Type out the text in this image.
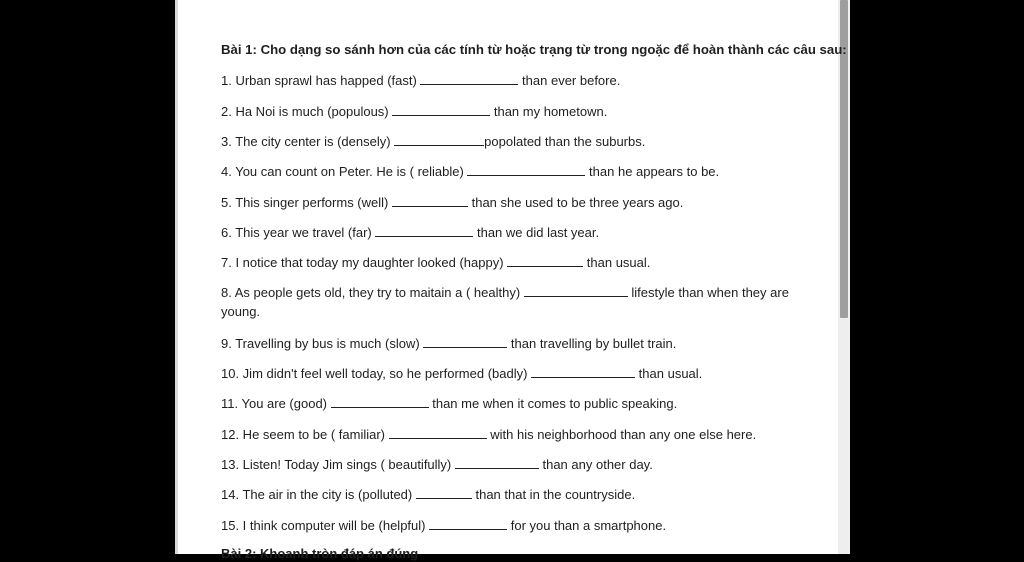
Bài 1: Cho dạng so sánh hơn của các tính từ hoặc trạng từ trong ngoặc để hoàn thành các câu sau:
1. Urban sprawl has happed (fast)	than ever before.
2. Ha Noi is much (populous)	than my hometown.
3. The city center is (densely)	popolated than the suburbs.
4. You can count on Peter. He is ( reliable)	than he appears to be.
5. This singer performs (well)	than she used to be three years ago.
6. This year we travel (far)	than we did last year.
7. I notice that today my daughter looked (happy)	than usual.
8. As people gets old, they try to maitain a ( healthy)	lifestyle than when they are
young.
9. Travelling by bus is much (slow)	than travelling by bullet train.
10. Jim didn't feel well today, so he performed (badly)	than usual.
11. You are (good)	than me when it comes to public speaking.
12. He seem to be ( familiar)	with his neighborhood than any one else here.
13. Listen! Today Jim sings ( beautifully)	than any other day.
14. The air in the city is (polluted)	than that in the countryside.
15. I think computer will be (helpful)	for you than a smartphone.
Bài 2: Khoanh tròn đáp án đúng
